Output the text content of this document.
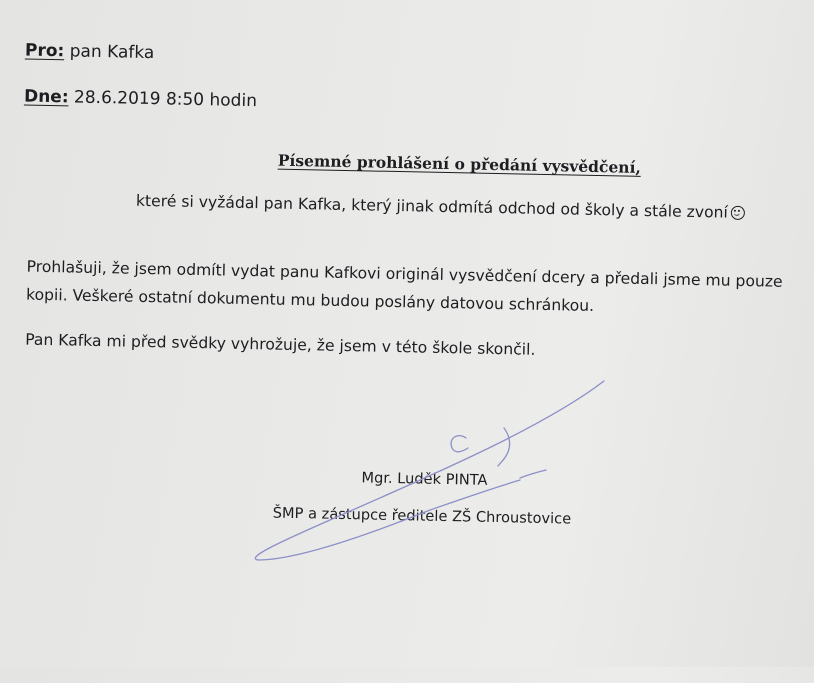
Pro: pan Kafka
Dne: 28.6.2019 8:50 hodin
Písemné prohlášení o předání vysvědčení,
které si vyžádal pan Kafka, který jinak odmítá odchod od školy a stále zvoní
Prohlašuji, že jsem odmítl vydat panu Kafkovi originál vysvědčení dcery a předali jsme mu pouze
kopii. Veškeré ostatní dokumentu mu budou poslány datovou schránkou.
Pan Kafka mi před svědky vyhrožuje, že jsem v této škole skončil.
Mgr. Luděk PINTA
ŠMP a zástupce ředitele ZŠ Chroustovice
